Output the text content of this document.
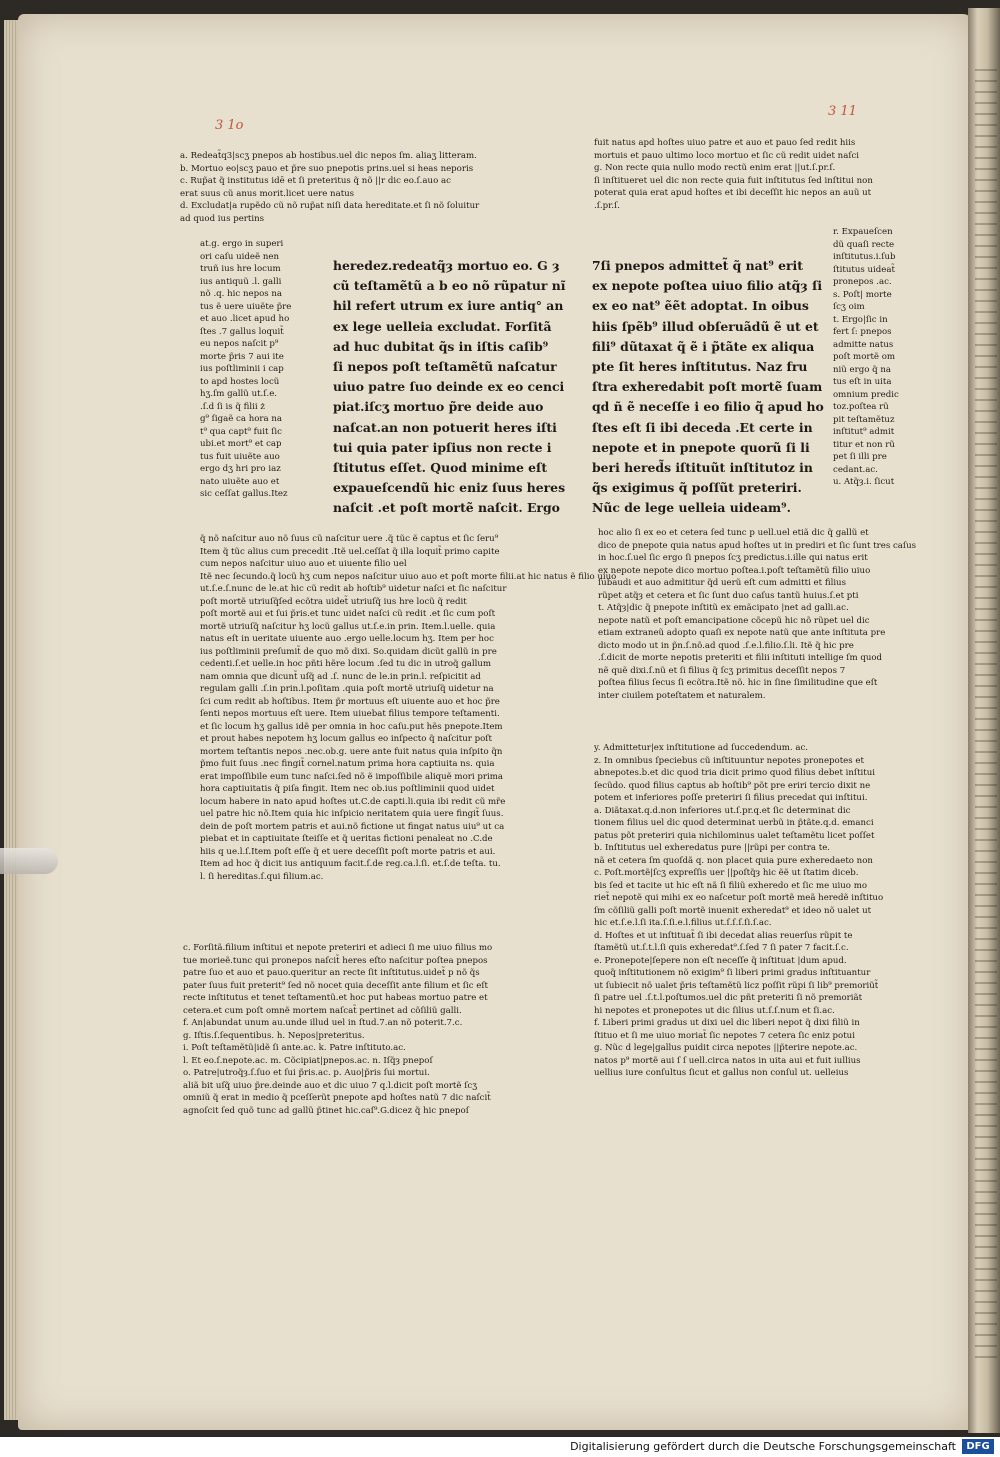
3 1o
3 11

a. Redeat̃q3|scʒ pnepos ab hostibus.uel dic nepos ſm. aliaʒ litteram.

b. Mortuo eo|scʒ pauo et p̃re suo pnepotis prins.uel si heas neporis

c. Rup̃at q̃ institutus idē et ſi preteritus q̃ nõ ||r dic eo.ſ.auo ac

erat suus cũ anus morit.licet uere natus

d. Excludat|a rupẽdo cũ nõ rup̃at niſi data hereditate.et ſi nõ ſoluitur

ad quod ius pertins

at.g. ergo in superi

ori caſu uideẽ nen

truñ ius hre locum

ius antiquũ .l. galli

nõ .q. hic nepos na

tus ẽ uere uiuẽte p̃re

et auo .licet apud ho

ſtes .7 gallus loquit̃

eu nepos naſcit p⁹

morte p̃ris 7 aui ite

ius poſtliminii i cap

to apd hostes locũ

hʒ.ſm gallũ ut.ſ.e.

.ſ.d ſi is q̃ filii ż

g⁹ ſigaẽ ca hora na

t⁹ qua capt⁹ fuit ſic

ubi.et mort⁹ et cap

tus fuit uiuẽte auo

ergo dʒ hri pro iaz

nato uiuẽte auo et

sic ceſſat gallus.Itez

heredez.redeatq̃ȝ mortuo eo. G ȝ

cũ teſtamẽtũ a b eo nõ rũpatur nĩ

hil refert utrum ex iure antiq° an

ex lege uelleia excludat. Forſitã

ad huc dubitat q̃s in iſtis caſib⁹

ſi nepos poſt teſtamẽtũ naſcatur

uiuo patre ſuo deinde ex eo cenci

piat.iſcʒ mortuo p̃re deide auo

naſcat.an non potuerit heres iſti

tui quia pater ipſius non recte i

ſtitutus eſſet. Quod minime eſt

expaueſcendũ hic eniz ſuus heres

naſcit .et poſt mortẽ naſcit. Ergo

7ſi pnepos admittet̃ q̃ nat⁹ erit

ex nepote poſtea uiuo filio atq̃ȝ ſi

ex eo nat⁹ ẽẽt adoptat. In oibus

hiis ſpẽb⁹ illud obſeruãdũ ẽ ut et

fili⁹ dũtaxat q̃ ẽ i p̃tãte ex aliqua

pte ſit heres inſtitutus. Naz fru

ſtra exheredabit poſt mortẽ ſuam

qd ñ ẽ neceſſe i eo filio q̃ apud ho

ſtes eſt ſi ibi deceda .Et certe in

nepote et in pnepote quorũ ſi li

beri hered̃s iſtituũt inſtitutoz in

q̃s exigimus q̃ poſſũt preteriri.

Nũc de lege uelleia uideam⁹.

fuit natus apd hoſtes uiuo patre et auo et pauo ſed redit hiis

mortuis et pauo ultimo loco mortuo et ſic cũ redit uidet naſci

g. Non recte quia nullo modo rectũ enim erat ||ut.ſ.pr.ſ.

ſi inſtitueret uel dic non recte quia fuit inſtitutus ſed inſtitui non

poterat quia erat apud hoſtes et ibi deceſſit hic nepos an auũ ut

.ſ.pr.ſ.

r. Expaueſcen

dũ quaſi recte

inſtitutus.i.ſub

ſtitutus uideat̃

pronepos .ac.

s. Poſt| morte

ſcʒ oim

t. Ergo|ſic in

fert ſ: pnepos

admitte natus

poſt mortẽ om

niũ ergo q̃ na

tus eſt in uita

omnium predic

toz.poſtea rũ

pit teſtamẽtuz

inſtitut⁹ admit

titur et non rũ

pet ſi illi pre

cedant.ac.

u. Atq̃ȝ.i. ſicut

q̃ nõ naſcitur auo nõ ſuus cũ naſcitur uere .q̃ tũc ẽ captus et ſic ſeru⁹

Item q̃ tũc alius cum precedit .Itẽ uel.ceſſat q̃ illa loquit̃ primo capite

cum nepos naſcitur uiuo auo et uiuente filio uel

Itẽ nec ſecundo.q̃ locũ hʒ cum nepos naſcitur uiuo auo et poſt morte filii.at hic natus ẽ filio uiuo

ut.ſ.e.ſ.nunc de le.at hic cũ redit ab hoſtib⁹ uidetur naſci et ſic naſcitur

poſt mortẽ utriuſq̃ſed ecõtra uidet̃ utriuſq̃ ius hre locũ q̃ redit

poſt mortẽ aui et ſui p̃ris.et tunc uidet naſci cũ redit .et ſic cum poſt

mortẽ utriuſq̃ naſcitur hʒ locũ gallus ut.ſ.e.in prin. Item.l.uelle. quia

natus eſt in ueritate uiuente auo .ergo uelle.locum hʒ. Item per hoc

ius poſtliminii preſumit̃ de quo mõ dixi. So.quidam dicũt gallũ in pre

cedenti.ſ.et uelle.in hoc pñti hẽre locum .ſed tu dic in utroq̃ gallum

nam omnia que dicunt̃ uſq̃ ad .ſ. nunc de le.in prin.l. reſpicitit ad

regulam galli .ſ.in prin.l.poſitam .quia poſt mortẽ utriuſq̃ uidetur na

ſci cum redit ab hoſtibus. Item p̃r mortuus eſt uiuente auo et hoc p̃re

ſenti nepos mortuus eſt uere. Item uiuebat filius tempore teſtamenti.

et ſic locum hʒ gallus idẽ per omnia in hoc caſu.put hẽs pnepote.Item

et prout habes nepotem hʒ locum gallus eo inſpecto q̃ naſcitur poſt

mortem teſtantis nepos .nec.ob.g. uere ante fuit natus quia inſpito q̃n

p̃mo fuit ſuus .nec fingit̃ cornel.natum prima hora captiuita ns. quia

erat impoſſibile eum tunc naſci.ſed nõ ẽ impoſſibile aliquẽ mori prima

hora captiuitatis q̃ piſa fingit. Item nec ob.ius poſtliminii quod uidet

locum habere in nato apud hoſtes ut.C.de capti.li.quia ibi redit cũ mr̃e

uel patre hic nõ.Item quia hic inſpicio neritatem quia uere fingit̃ ſuus.

dein de poſt mortem patris et aui.nõ fictione ut fingat natus uiu⁹ ut ca

piebat et in captiuitate ſteiſſe et q̃ ueritas fictioni penaleat no .C.de

hiis q ue.l.ſ.Item poſt eſſe q̃ et uere deceſſit poſt morte patris et aui.

Item ad hoc q̃ dicit ius antiquum facit.ſ.de reg.ca.l.ſi. et.ſ.de teſta. tu.

l. ſi hereditas.ſ.qui filium.ac.

c. Forſitã.filium inſtitui et nepote preteriri et adieci ſi me uiuo filius mo

tue morieẽ.tunc qui pronepos naſcit̃ heres eſto naſcitur poſtea pnepos

patre ſuo et auo et pauo.queritur an recte ſit inſtitutus.uidet̃ p nõ q̃s

pater ſuus fuit preterit⁹ ſed nõ nocet quia deceſſit ante filium et ſic eſt

recte inſtitutus et tenet teſtamentũ.et hoc put habeas mortuo patre et

cetera.et cum poſt omnẽ mortem naſcat̃ pertinet ad cõſiliũ galli.

f. An|abundat unum au.unde illud uel in ſtud.7.an nõ poterit.7.c.

g. Iſtis.ſ.ſequentibus. h. Nepos|preteritus.

i. Poſt teſtamẽtũ|idẽ ſi ante.ac. k. Patre inſtituto.ac.

l. Et eo.ſ.nepote.ac. m. Cõcipiat|pnepos.ac. n. Iſq̃ȝ pnepoſ

o. Patre|utroq̃ȝ.ſ.ſuo et ſui p̃ris.ac. p. Auo|p̃ris ſui mortui.

aliã bit uſq̃ uiuo p̃re.deinde auo et dic uiuo 7 q.l.dicit poſt mortẽ ſcʒ

omniũ q̃ erat in medio q̃ pceſſerũt pnepote apd hoſtes natũ 7 dic naſcit̃

agnoſcit ſed quõ tunc ad gallũ p̃tinet hic.caſ⁹.G.dicez q̃ hic pnepoſ

hoc alio ſi ex eo et cetera ſed tunc p uell.uel etiã dic q̃ gallũ et

dico de pnepote quia natus apud hoſtes ut in prediri et ſic ſunt tres caſus

in hoc.ſ.uel ſic ergo ſi pnepos ſcʒ predictus.i.ille qui natus erit

ex nepote nepote dico mortuo poſtea.i.poſt teſtamẽtũ filio uiuo

ſubaudi et auo admititur q̃d uerũ eſt cum admitti et filius

rũpet atq̃ȝ et cetera et ſic ſunt duo caſus tantũ huius.ſ.et pti

t. Atq̃ȝ|dic q̃ pnepote inſtitũ ex emãcipato |net ad galli.ac.

nepote natũ et poſt emancipatione cõcepũ hic nõ rũpet uel dic

etiam extraneũ adopto quaſi ex nepote natũ que ante inſtituta pre

dicto modo ut in p̃n.ſ.nõ.ad quod .ſ.e.l.filio.ſ.li. Itẽ q̃ hic pre

.ſ.dicit de morte nepotis preteriti et filii inſtituti intellige ſm quod

nẽ quẽ dixi.ſ.nũ et ſi filius q̃ ſcʒ primitus deceſſit nepos 7

poſtea filius ſecus ſi ecõtra.Itẽ nõ. hic in ſine ſimilitudine que eſt

inter ciuilem poteſtatem et naturalem.

y. Admittetur|ex inſtitutione ad ſuccedendum. ac.

z. In omnibus ſpeciebus cũ inſtituuntur nepotes pronepotes et

abnepotes.b.et dic quod tria dicit primo quod filius debet inſtitui

ſecũdo. quod filius captus ab hoſtib⁹ põt pre eriri tercio dixit ne

potem et inferiores poſſe preteriri ſi filius precedat qui inſtitui.

a. Diãtaxat.q.d.non inferiores ut.ſ.pr.q.et ſic determinat dic

tionem filius uel dic quod determinat uerbũ in p̃tãte.q.d. emanci

patus põt preteriri quia nichilominus ualet teſtamẽtu licet poſſet

b. Inſtitutus uel exheredatus pure ||rũpi per contra te.

nã et cetera ſm quoſdã q. non placet quia pure exheredaeto non

c. Poſt.mortẽ|ſcʒ expreſſis uer ||poſtq̃ȝ hic ẽẽ ut ſtatim diceb.

bis ſed et tacite ut hic eſt nã ſi filiũ exheredo et ſic me uiuo mo

riet̃ nepotẽ qui mihi ex eo naſcetur poſt mortẽ meã heredẽ inſtituo

ſm cõſiliũ galli poſt mortẽ inuenit exheredat⁹ et ideo nõ ualet ut

hic et.ſ.e.l.ſi ita.ſ.ſi.e.l.filius ut.ſ.ſ.ſ.ſi.ſ.ac.

d. Hoſtes et ut inſtituat̃ ſi ibi decedat alias reuerſus rũpit te

ſtamẽtũ ut.ſ.t.l.ſi quis exheredat⁹.ſ.ſed 7 ſi pater 7 facit.ſ.c.

e. Pronepote|ſepere non eſt neceſſe q̃ inſtituat |dum apud.

quoq̃ inſtitutionem nõ exigim⁹ ſi liberi primi gradus inſtituantur

ut ſubiecit nõ ualet p̃ris teſtamẽtũ licz poſſit rũpi ſi lib⁹ premoriũt̃

ſi patre uel .ſ.t.l.poſtumos.uel dic pñt preteriti ſi nõ premoriãt

hi nepotes et pronepotes ut dic ſilius ut.ſ.ſ.num et ſi.ac.

f. Liberi primi gradus ut dixi uel dic liberi nepot q̃ dixi filiũ in

ſtituo et ſi me uiuo moriat̃ ſic nepotes 7 cetera ſic eniz potui

g. Nũc d lege|gallus puidit circa nepotes ||p̃terire nepote.ac.

natos p⁹ mortẽ aui ſ ſ uell.circa natos in uita aui et fuit iullius

uellius iure conſultus ſicut et gallus non conſul ut. uelleius

Digitalisierung gefördert durch die Deutsche Forschungsgemeinschaft	DFG
